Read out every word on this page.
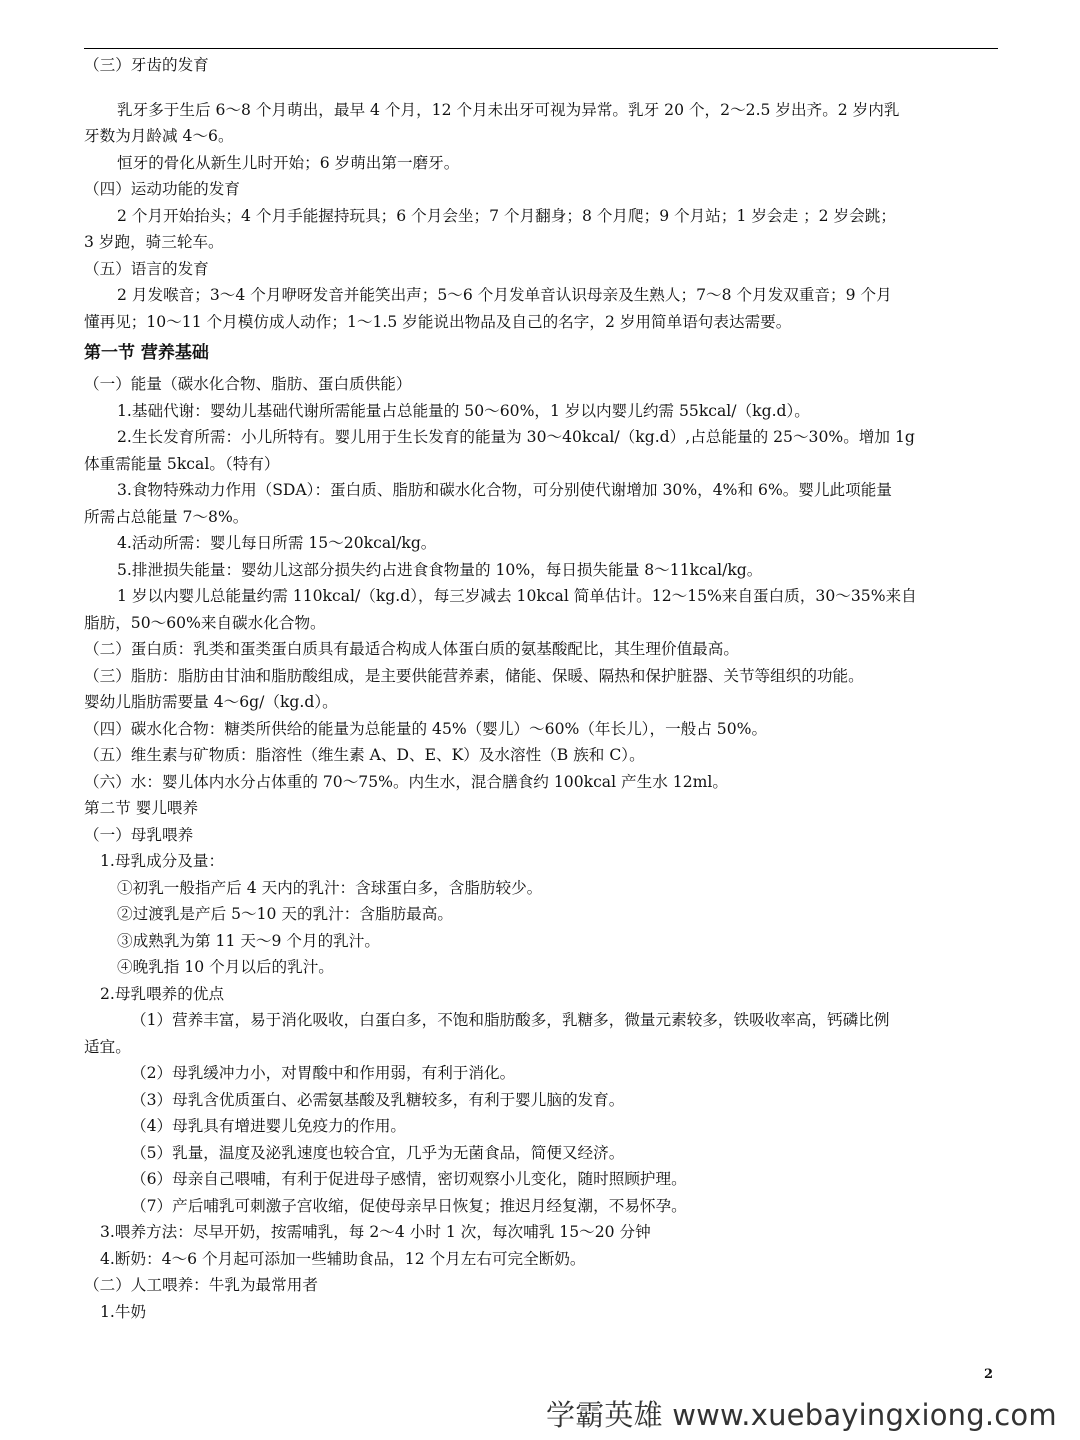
（三）牙齿的发育
乳牙多于生后 6～8 个月萌出，最早 4 个月，12 个月未出牙可视为异常。乳牙 20 个，2～2.5 岁出齐。2 岁内乳
牙数为月龄减 4～6。
恒牙的骨化从新生儿时开始；6 岁萌出第一磨牙。
（四）运动功能的发育
2 个月开始抬头；4 个月手能握持玩具；6 个月会坐；7 个月翻身；8 个月爬；9 个月站；1 岁会走 ；2 岁会跳；
3 岁跑，骑三轮车。
（五）语言的发育
2 月发喉音；3～4 个月咿呀发音并能笑出声；5～6 个月发单音认识母亲及生熟人；7～8 个月发双重音；9 个月
懂再见；10～11 个月模仿成人动作；1～1.5 岁能说出物品及自己的名字，2 岁用简单语句表达需要。
第一节 营养基础
（一）能量（碳水化合物、脂肪、蛋白质供能）
1.基础代谢：婴幼儿基础代谢所需能量占总能量的 50～60%，1 岁以内婴儿约需 55kcal/（kg.d）。
2.生长发育所需：小儿所特有。婴儿用于生长发育的能量为 30～40kcal/（kg.d）,占总能量的 25～30%。增加 1g
体重需能量 5kcal。（特有）
3.食物特殊动力作用（SDA）：蛋白质、脂肪和碳水化合物，可分别使代谢增加 30%，4%和 6%。婴儿此项能量
所需占总能量 7～8%。
4.活动所需：婴儿每日所需 15～20kcal/kg。
5.排泄损失能量：婴幼儿这部分损失约占进食食物量的 10%，每日损失能量 8～11kcal/kg。
1 岁以内婴儿总能量约需 110kcal/（kg.d），每三岁减去 10kcal 简单估计。12～15%来自蛋白质，30～35%来自
脂肪，50～60%来自碳水化合物。
（二）蛋白质：乳类和蛋类蛋白质具有最适合构成人体蛋白质的氨基酸配比，其生理价值最高。
（三）脂肪：脂肪由甘油和脂肪酸组成，是主要供能营养素，储能、保暖、隔热和保护脏器、关节等组织的功能。
婴幼儿脂肪需要量 4～6g/（kg.d）。
（四）碳水化合物：糖类所供给的能量为总能量的 45%（婴儿）～60%（年长儿），一般占 50%。
（五）维生素与矿物质：脂溶性（维生素 A、D、E、K）及水溶性（B 族和 C）。
（六）水：婴儿体内水分占体重的 70～75%。内生水，混合膳食约 100kcal 产生水 12ml。
第二节 婴儿喂养
（一）母乳喂养
1.母乳成分及量：
①初乳一般指产后 4 天内的乳汁：含球蛋白多，含脂肪较少。
②过渡乳是产后 5～10 天的乳汁：含脂肪最高。
③成熟乳为第 11 天～9 个月的乳汁。
④晚乳指 10 个月以后的乳汁。
2.母乳喂养的优点
（1）营养丰富，易于消化吸收，白蛋白多，不饱和脂肪酸多，乳糖多，微量元素较多，铁吸收率高，钙磷比例
适宜。
（2）母乳缓冲力小，对胃酸中和作用弱，有利于消化。
（3）母乳含优质蛋白、必需氨基酸及乳糖较多，有利于婴儿脑的发育。
（4）母乳具有增进婴儿免疫力的作用。
（5）乳量，温度及泌乳速度也较合宜，几乎为无菌食品，简便又经济。
（6）母亲自己喂哺，有利于促进母子感情，密切观察小儿变化，随时照顾护理。
（7）产后哺乳可刺激子宫收缩，促使母亲早日恢复；推迟月经复潮，不易怀孕。
3.喂养方法：尽早开奶，按需哺乳，每 2～4 小时 1 次，每次哺乳 15～20 分钟
4.断奶：4～6 个月起可添加一些辅助食品，12 个月左右可完全断奶。
（二）人工喂养：牛乳为最常用者
1.牛奶
2
学霸英雄 www.xuebayingxiong.com
